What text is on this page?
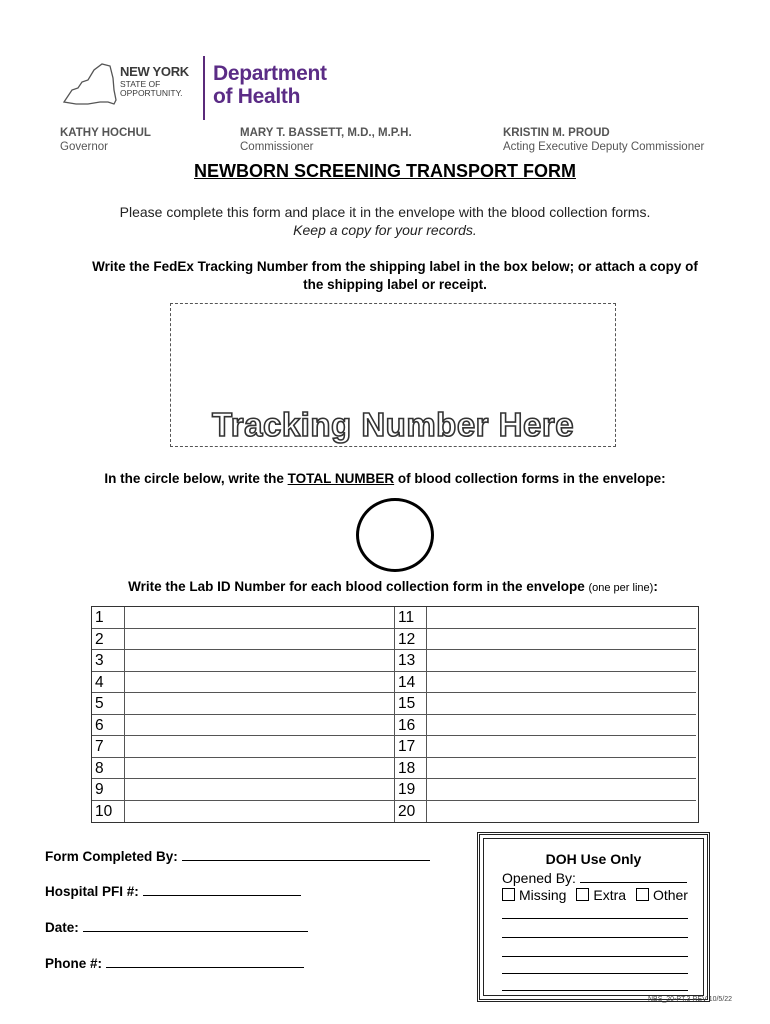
NEW YORK
STATE OF
OPPORTUNITY.
Department
of Health
KATHY HOCHUL
Governor
MARY T. BASSETT, M.D., M.P.H.
Commissioner
KRISTIN M. PROUD
Acting Executive Deputy Commissioner
NEWBORN SCREENING TRANSPORT FORM
Please complete this form and place it in the envelope with the blood collection forms.
Keep a copy for your records.
Write the FedEx Tracking Number from the shipping label in the box below; or attach a copy of
the shipping label or receipt.
Tracking Number Here
In the circle below, write the TOTAL NUMBER of blood collection forms in the envelope:
Write the Lab ID Number for each blood collection form in the envelope (one per line):
1	11
2	12
3	13
4	14
5	15
6	16
7	17
8	18
9	19
10	20
Form Completed By:
Hospital PFI #:
Date:
Phone #:
DOH Use Only
Opened By:
Missing Extra Other
NBS_20-PT.3 REV 10/5/22
